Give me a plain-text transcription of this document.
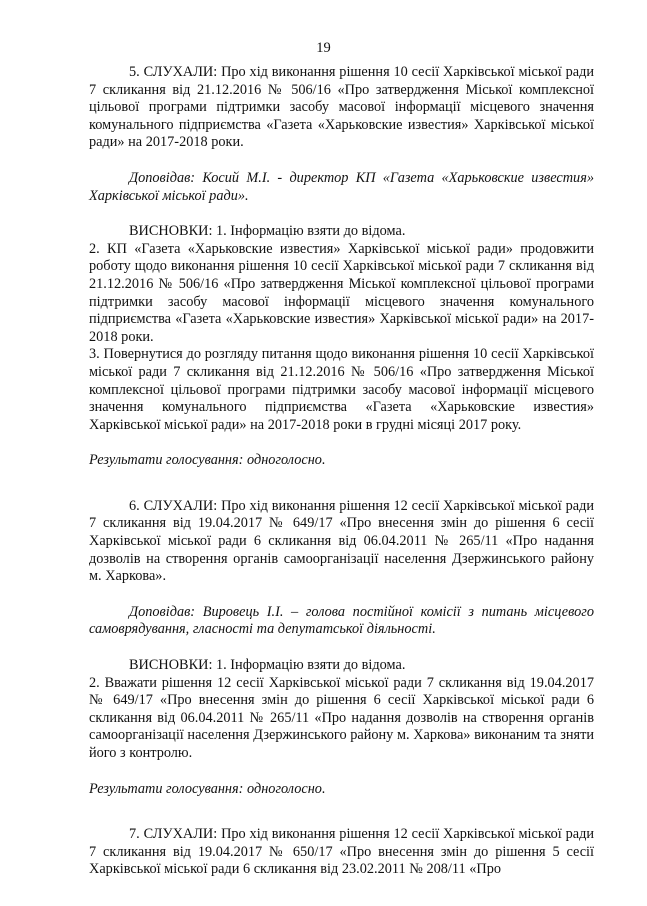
19

5. СЛУХАЛИ: Про хід виконання рішення 10 сесії Харківської міської ради 7 скликання від 21.12.2016 № 506/16 «Про затвердження Міської комплексної цільової програми підтримки засобу масової інформації місцевого значення комунального підприємства «Газета «Харьковские известия» Харківської міської ради» на 2017-2018 роки.

Доповідав: Косий М.І. - директор КП «Газета «Харьковские известия» Харківської міської ради».

ВИСНОВКИ: 1. Інформацію взяти до відома.

2. КП «Газета «Харьковские известия» Харківської міської ради» продовжити роботу щодо виконання рішення 10 сесії Харківської міської ради 7 скликання від 21.12.2016 № 506/16 «Про затвердження Міської комплексної цільової програми підтримки засобу масової інформації місцевого значення комунального підприємства «Газета «Харьковские известия» Харківської міської ради» на 2017-2018 роки.

3. Повернутися до розгляду питання щодо виконання рішення 10 сесії Харківської міської ради 7 скликання від 21.12.2016 № 506/16 «Про затвердження Міської комплексної цільової програми підтримки засобу масової інформації місцевого значення комунального підприємства «Газета «Харьковские известия» Харківської міської ради» на 2017-2018 роки в грудні місяці 2017 року.

Результати голосування: одноголосно.

6. СЛУХАЛИ: Про хід виконання рішення 12 сесії Харківської міської ради 7 скликання від 19.04.2017 № 649/17 «Про внесення змін до рішення 6 сесії Харківської міської ради 6 скликання від 06.04.2011 № 265/11 «Про надання дозволів на створення органів самоорганізації населення Дзержинського району м. Харкова».

Доповідав: Вировець І.І. – голова постійної комісії з питань місцевого самоврядування, гласності та депутатської діяльності.

ВИСНОВКИ: 1. Інформацію взяти до відома.

2. Вважати рішення 12 сесії Харківської міської ради 7 скликання від 19.04.2017 № 649/17 «Про внесення змін до рішення 6 сесії Харківської міської ради 6 скликання від 06.04.2011 № 265/11 «Про надання дозволів на створення органів самоорганізації населення Дзержинського району м. Харкова» виконаним та зняти його з контролю.

Результати голосування: одноголосно.

7. СЛУХАЛИ: Про хід виконання рішення 12 сесії Харківської міської ради 7 скликання від 19.04.2017 № 650/17 «Про внесення змін до рішення 5 сесії Харківської міської ради 6 скликання від 23.02.2011 № 208/11 «Про
